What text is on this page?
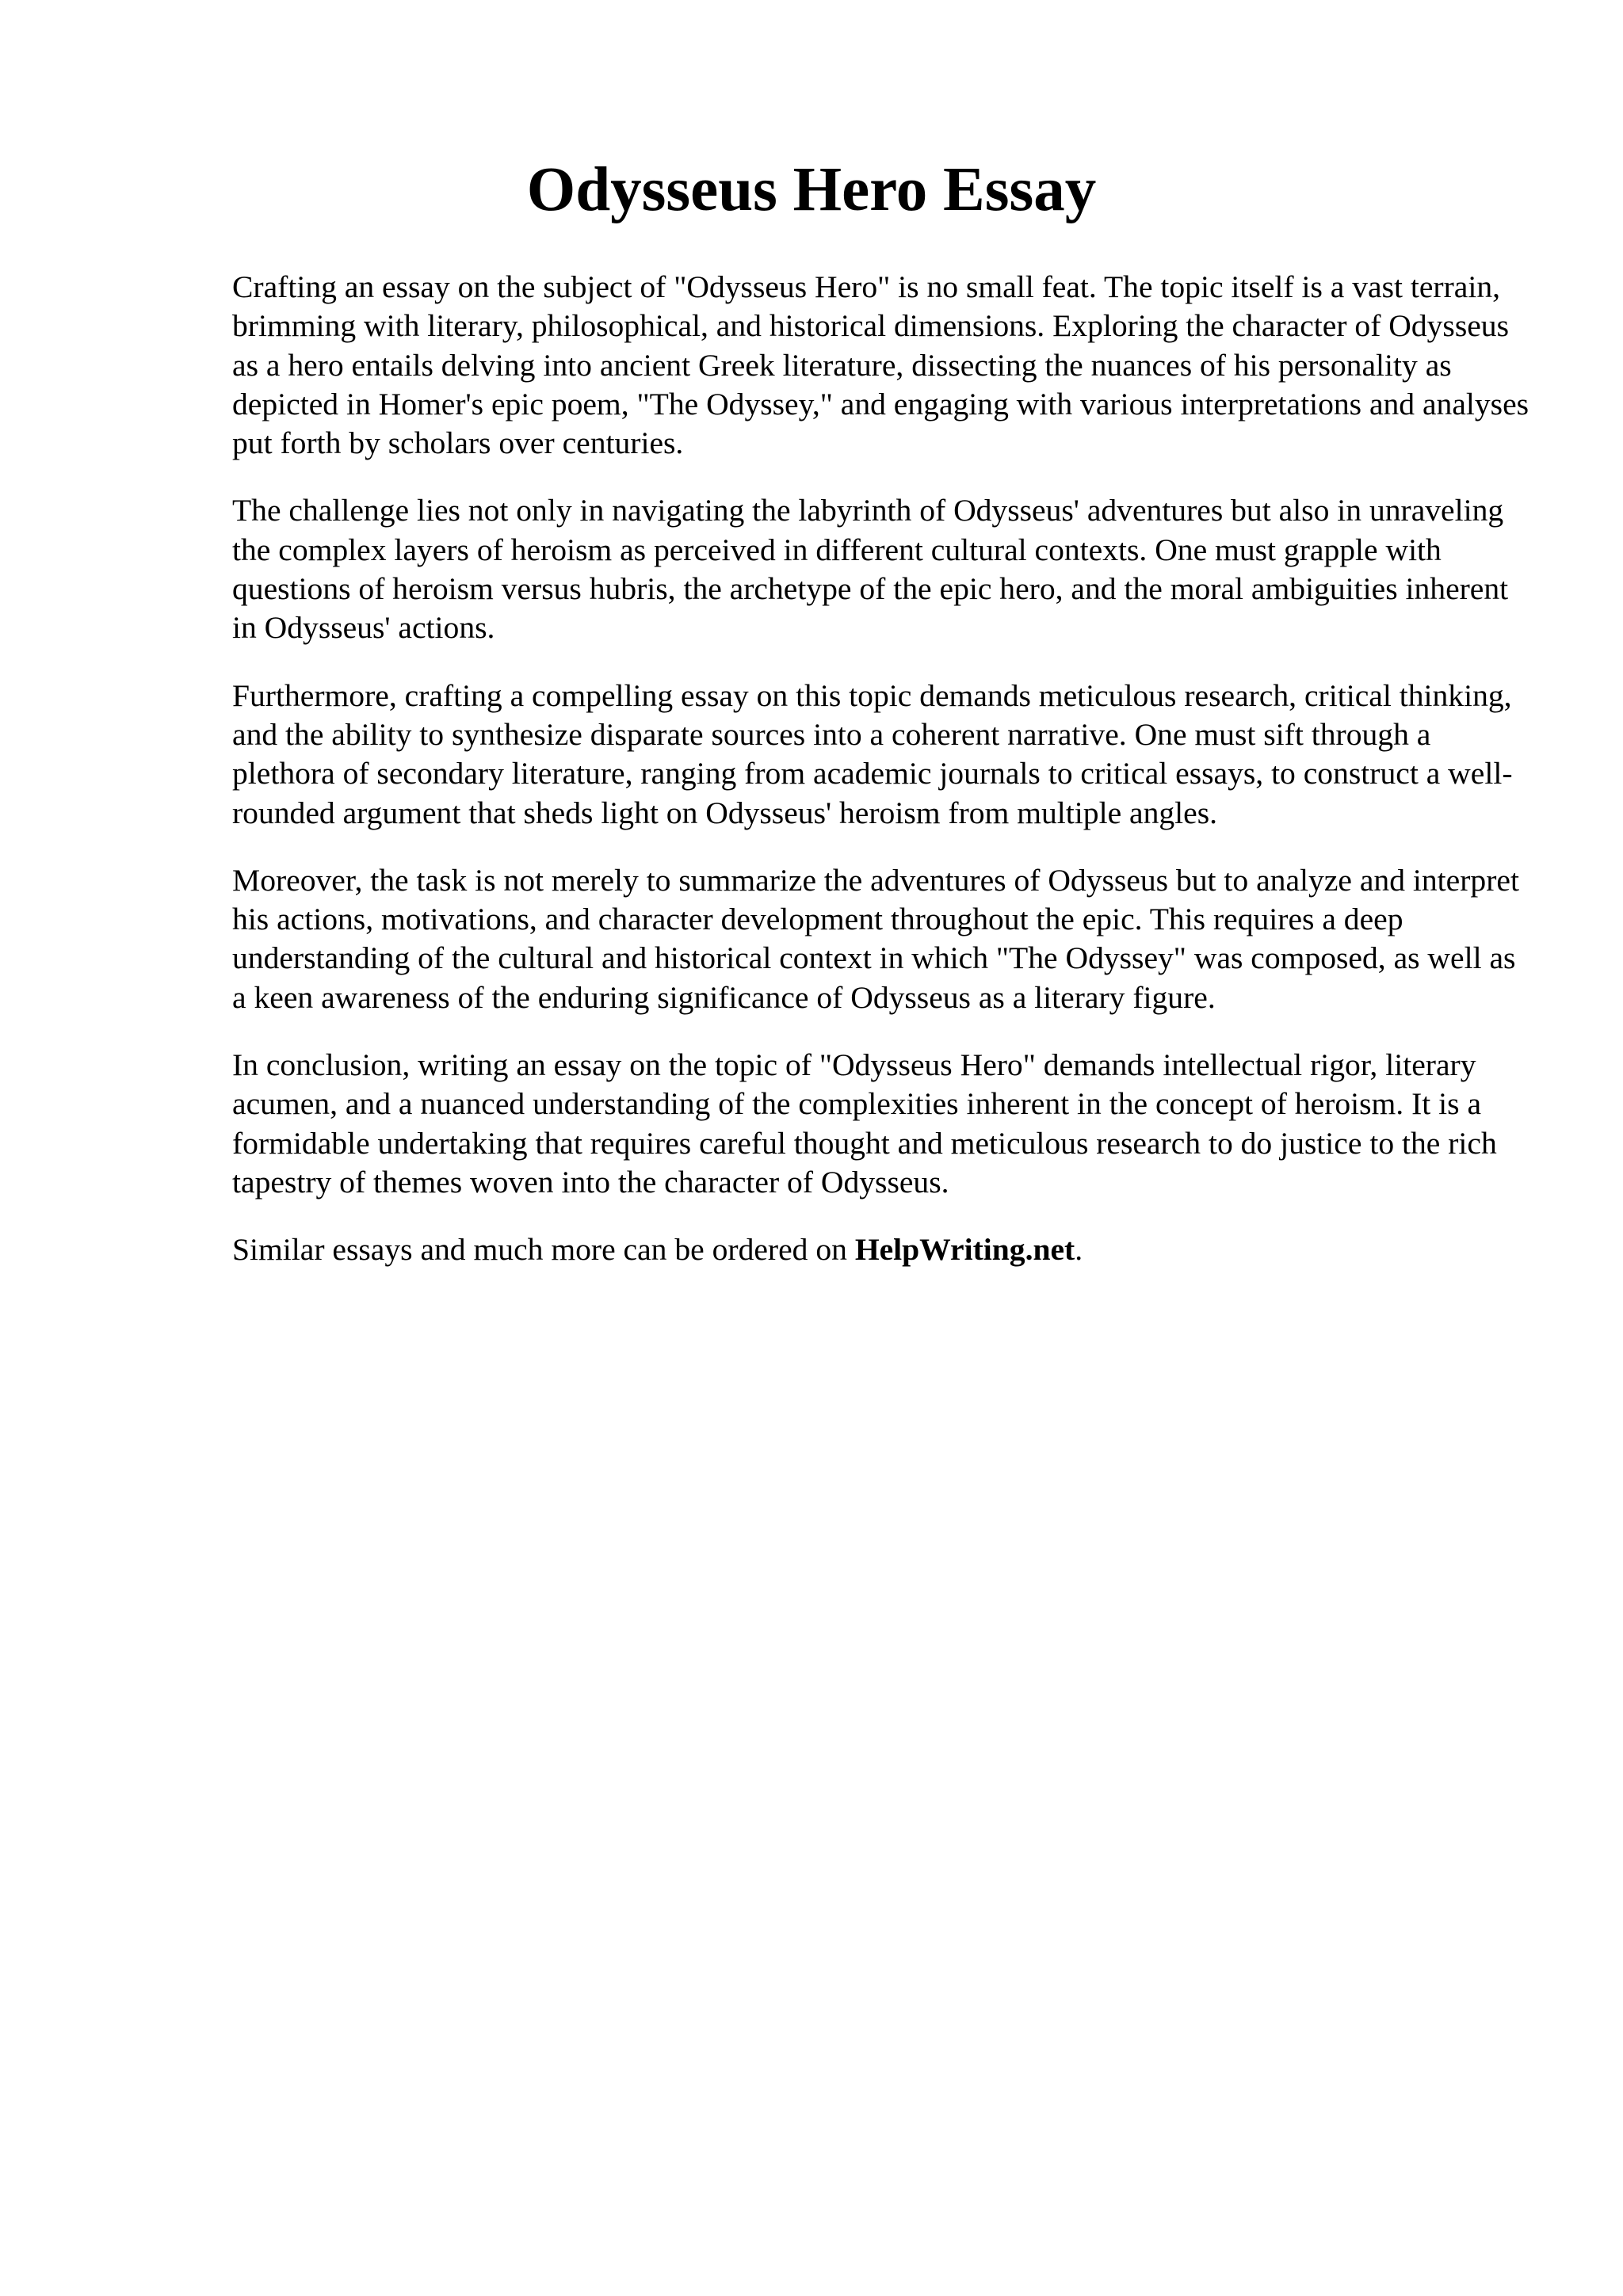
Odysseus Hero Essay

Crafting an essay on the subject of "Odysseus Hero" is no small feat. The topic itself is a vast terrain, brimming with literary, philosophical, and historical dimensions. Exploring the character of Odysseus as a hero entails delving into ancient Greek literature, dissecting the nuances of his personality as depicted in Homer's epic poem, "The Odyssey," and engaging with various interpretations and analyses put forth by scholars over centuries.

The challenge lies not only in navigating the labyrinth of Odysseus' adventures but also in unraveling the complex layers of heroism as perceived in different cultural contexts. One must grapple with questions of heroism versus hubris, the archetype of the epic hero, and the moral ambiguities inherent in Odysseus' actions.

Furthermore, crafting a compelling essay on this topic demands meticulous research, critical thinking, and the ability to synthesize disparate sources into a coherent narrative. One must sift through a plethora of secondary literature, ranging from academic journals to critical essays, to construct a well-rounded argument that sheds light on Odysseus' heroism from multiple angles.

Moreover, the task is not merely to summarize the adventures of Odysseus but to analyze and interpret his actions, motivations, and character development throughout the epic. This requires a deep understanding of the cultural and historical context in which "The Odyssey" was composed, as well as a keen awareness of the enduring significance of Odysseus as a literary figure.

In conclusion, writing an essay on the topic of "Odysseus Hero" demands intellectual rigor, literary acumen, and a nuanced understanding of the complexities inherent in the concept of heroism. It is a formidable undertaking that requires careful thought and meticulous research to do justice to the rich tapestry of themes woven into the character of Odysseus.

Similar essays and much more can be ordered on HelpWriting.net.
